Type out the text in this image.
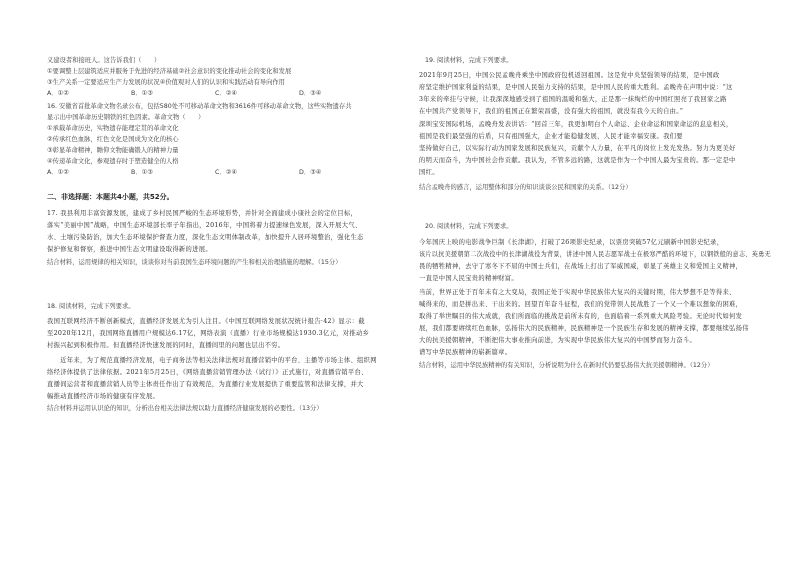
义建设者和接班人。这告诉我们（　　）
①要调整上层建筑适应并服务于先进的经济基础②社会意识的变化推动社会的变化和发展
③生产关系一定要适应生产力发展的状况④价值观对人们的认识和实践活动有导向作用
A．①②	B．①③	C．②④	D．③④
16. 安徽省首批革命文物名录公布，包括580处不可移动革命文物和3616件可移动革命文物，这些实物遗存共
显示出中国革命历史钢铁的红色因素。革命文物（　　）
①承载革命历史，实物遗存能理定贯的革命文化
②传承红色血脉，红色文化是国成为文化的核心
③彰显革命精神，瞻仰文物能确锻人的精神力量
④传递革命文化，参观遗存时于塑造健全的人格
A．①②	B．①③	C．②④	D．③④
二、非选择题：本题共4小题，共52分。
17. 我县利用丰富资源发展，建成了乡村民国严峻的生态环境形势，并针对全面建成小康社会的定位目标，
落实“美丽中国”战略，中国生态环境部长率子年指出，2016年，中国将着力提速绿色发展，深入开展大气、
水、土壤污染防治，加大生态环境保护督查力度，深化生态文明体制改革，加快提升人居环境整治，强化生态
保护修复和督察，推进中国生态文明建设取得新的进展。
结合材料，运用规律的相关知识，谈谈你对当前我国生态环境问题的产生和相关治理措施的理解。（15分）
18. 阅读材料，完成下列要求。
我国互联网经济不断创新模式，直播经济发展尤为引人注目。《中国互联网络发展状况统计报告·42》显示：截
至2020年12月，我国网络直播用户规模达6.17亿，网络表演（直播）行业市场规模达1930.3亿元，对推动乡
村振兴起到积极作用。但直播经济快速发展的同时，直播间里的问题也层出不穷。
　　近年来，为了规范直播经济发展，电子商务法等相关法律法规对直播营销中的平台、主播等市场主体、组织网
络经济体提供了法律依据。2021年5月25日，《网络直播营销管理办法（试行）》正式施行，对直播营销平台、
直播间运营者和直播营销人员等主体责任作出了有效规范，为直播行业发展提供了重要监管和法律支撑，并大
幅推动直播经济市场的健康有序发展。
结合材料并运用认识论的知识，分析出台相关法律法规以助力直播经济健康发展的必要性。（13分）
19. 阅读材料，完成下列要求。
2021年9月25日，中国公民孟晚舟乘坐中国政府包机返回祖国。这是党中央坚强领导的结果，是中国政
府坚定维护国家利益的结果，是中国人民强力支持的结果，是中国人民的重大胜利。孟晚舟在声明中说：“这
3年来的牵挂与守候，让我深深地感受到了祖国的温暖和强大，正是那一抹绚烂的中国红照亮了我回家之路
在中国共产党领导下，我们的祖国正在繁荣昌盛，没有强大的祖国，就没有我今天的自由。”
深圳宝安国际机场，孟晚舟发表讲话：“回首三年，我更加明白个人命运、企业命运和国家命运的息息相关，
祖国是我们最坚强的后盾，只有祖国强大，企业才能稳健发展，人民才能幸福安康。我们要
坚持做好自己，以实际行动为国家发展和民族复兴，贡献个人力量，在平凡的岗位上发光发热。努力为更美好
的明天而奋斗，为中国社会作贡献。我认为，不管多远的路，这就是作为一个中国人最为宝贵的。那一定是中
国红。
结合孟晚舟的感言，运用整体和部分的知识谈谈公民和国家的关系。（12分）
20. 阅读材料，完成下列要求。
今年国庆上映的电影战争巨制《长津湖》，打破了26项影史纪录，以票房突破57亿元刷新中国影史纪录，
该片以抗美援朝第二次战役中的长津湖战役为背景，讲述中国人民志愿军战士在极寒严酷的环境下，以钢铁般的意志、英勇无
畏的牺牲精神，去守了寒冬下不屈的中国士兵们，在战场上打出了军威国威，彰显了英雄主义和爱国主义精神，
一直是中国人民宝贵的精神财富。
当前，世界正处于百年未有之大变局，我国正处于实现中华民族伟大复兴的关键时期，伟大梦想不是等得来、
喊得来的，而是拼出来、干出来的。回望百年奋斗征程，我们的党带领人民战胜了一个又一个难以想象的困难，
取得了举世瞩目的伟大成就，我们所面临的挑战是前所未有的，也面临着一系列重大风险考验。无论时代如何发
展，我们都要赓续红色血脉，弘扬伟大的民族精神，民族精神是一个民族生存和发展的精神支撑，都要继续弘扬伟
大的抗美援朝精神，不断把伟大事业推向前进，为实现中华民族伟大复兴的中国梦而努力奋斗。
谱写中华民族精神的崭新篇章。
结合材料，运用中华民族精神的有关知识，分析说明为什么在新时代仍要弘扬伟大抗美援朝精神。（12分）
